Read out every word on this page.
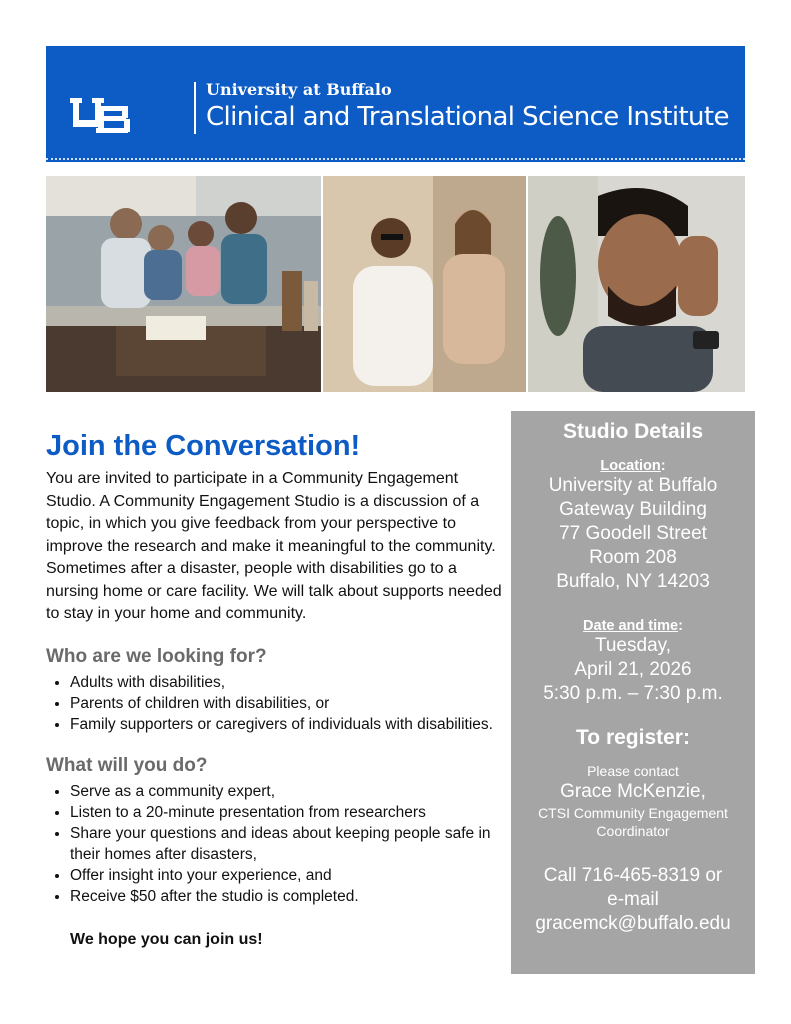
University at Buffalo
Clinical and Translational Science Institute
Join the Conversation!

You are invited to participate in a Community Engagement Studio. A Community Engagement Studio is a discussion of a topic, in which you give feedback from your perspective to improve the research and make it meaningful to the community. Sometimes after a disaster, people with disabilities go to a nursing home or care facility. We will talk about supports needed to stay in your home and community.

Who are we looking for?
• Adults with disabilities,
• Parents of children with disabilities, or
• Family supporters or caregivers of individuals with disabilities.
What will you do?
• Serve as a community expert,
• Listen to a 20-minute presentation from researchers
• Share your questions and ideas about keeping people safe in their homes after disasters,
• Offer insight into your experience, and
• Receive $50 after the studio is completed.
We hope you can join us!
Studio Details
Location:
University at Buffalo
Gateway Building
77 Goodell Street
Room 208
Buffalo, NY 14203
Date and time:
Tuesday,
April 21, 2026
5:30 p.m. – 7:30 p.m.
To register:
Please contact
Grace McKenzie,
CTSI Community Engagement Coordinator
Call 716-465-8319 or
e-mail
gracemck@buffalo.edu
